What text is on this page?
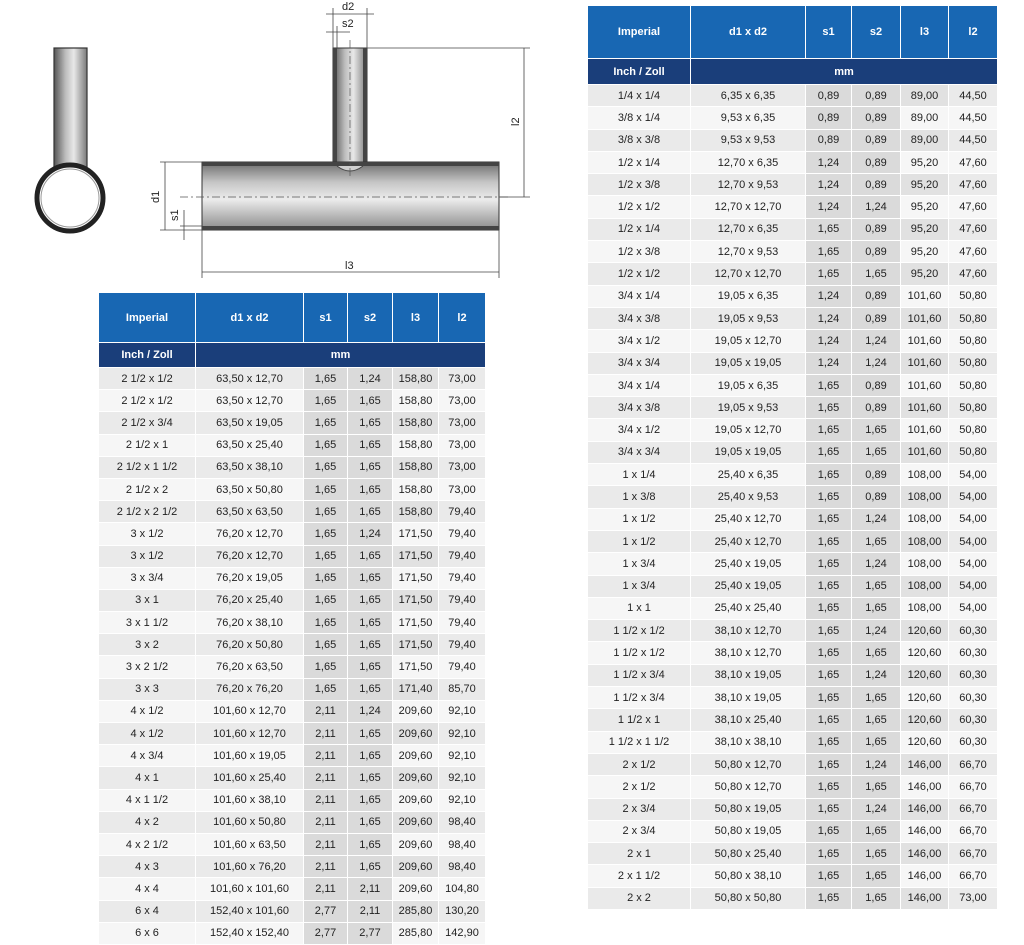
d2
s2
l2
d1
s1
l3
Imperial	d1 x d2	s1	s2	l3	l2
Inch / Zoll	mm				
2 1/2 x 1/2	63,50 x 12,70	1,65	1,24	158,80	73,00
2 1/2 x 1/2	63,50 x 12,70	1,65	1,65	158,80	73,00
2 1/2 x 3/4	63,50 x 19,05	1,65	1,65	158,80	73,00
2 1/2 x 1	63,50 x 25,40	1,65	1,65	158,80	73,00
2 1/2 x 1 1/2	63,50 x 38,10	1,65	1,65	158,80	73,00
2 1/2 x 2	63,50 x 50,80	1,65	1,65	158,80	73,00
2 1/2 x 2 1/2	63,50 x 63,50	1,65	1,65	158,80	79,40
3 x 1/2	76,20 x 12,70	1,65	1,24	171,50	79,40
3 x 1/2	76,20 x 12,70	1,65	1,65	171,50	79,40
3 x 3/4	76,20 x 19,05	1,65	1,65	171,50	79,40
3 x 1	76,20 x 25,40	1,65	1,65	171,50	79,40
3 x 1 1/2	76,20 x 38,10	1,65	1,65	171,50	79,40
3 x 2	76,20 x 50,80	1,65	1,65	171,50	79,40
3 x 2 1/2	76,20 x 63,50	1,65	1,65	171,50	79,40
3 x 3	76,20 x 76,20	1,65	1,65	171,40	85,70
4 x 1/2	101,60 x 12,70	2,11	1,24	209,60	92,10
4 x 1/2	101,60 x 12,70	2,11	1,65	209,60	92,10
4 x 3/4	101,60 x 19,05	2,11	1,65	209,60	92,10
4 x 1	101,60 x 25,40	2,11	1,65	209,60	92,10
4 x 1 1/2	101,60 x 38,10	2,11	1,65	209,60	92,10
4 x 2	101,60 x 50,80	2,11	1,65	209,60	98,40
4 x 2 1/2	101,60 x 63,50	2,11	1,65	209,60	98,40
4 x 3	101,60 x 76,20	2,11	1,65	209,60	98,40
4 x 4	101,60 x 101,60	2,11	2,11	209,60	104,80
6 x 4	152,40 x 101,60	2,77	2,11	285,80	130,20
6 x 6	152,40 x 152,40	2,77	2,77	285,80	142,90
Imperial	d1 x d2	s1	s2	l3	l2
Inch / Zoll	mm				
1/4 x 1/4	6,35 x 6,35	0,89	0,89	89,00	44,50
3/8 x 1/4	9,53 x 6,35	0,89	0,89	89,00	44,50
3/8 x 3/8	9,53 x 9,53	0,89	0,89	89,00	44,50
1/2 x 1/4	12,70 x 6,35	1,24	0,89	95,20	47,60
1/2 x 3/8	12,70 x 9,53	1,24	0,89	95,20	47,60
1/2 x 1/2	12,70 x 12,70	1,24	1,24	95,20	47,60
1/2 x 1/4	12,70 x 6,35	1,65	0,89	95,20	47,60
1/2 x 3/8	12,70 x 9,53	1,65	0,89	95,20	47,60
1/2 x 1/2	12,70 x 12,70	1,65	1,65	95,20	47,60
3/4 x 1/4	19,05 x 6,35	1,24	0,89	101,60	50,80
3/4 x 3/8	19,05 x 9,53	1,24	0,89	101,60	50,80
3/4 x 1/2	19,05 x 12,70	1,24	1,24	101,60	50,80
3/4 x 3/4	19,05 x 19,05	1,24	1,24	101,60	50,80
3/4 x 1/4	19,05 x 6,35	1,65	0,89	101,60	50,80
3/4 x 3/8	19,05 x 9,53	1,65	0,89	101,60	50,80
3/4 x 1/2	19,05 x 12,70	1,65	1,65	101,60	50,80
3/4 x 3/4	19,05 x 19,05	1,65	1,65	101,60	50,80
1 x 1/4	25,40 x 6,35	1,65	0,89	108,00	54,00
1 x 3/8	25,40 x 9,53	1,65	0,89	108,00	54,00
1 x 1/2	25,40 x 12,70	1,65	1,24	108,00	54,00
1 x 1/2	25,40 x 12,70	1,65	1,65	108,00	54,00
1 x 3/4	25,40 x 19,05	1,65	1,24	108,00	54,00
1 x 3/4	25,40 x 19,05	1,65	1,65	108,00	54,00
1 x 1	25,40 x 25,40	1,65	1,65	108,00	54,00
1 1/2 x 1/2	38,10 x 12,70	1,65	1,24	120,60	60,30
1 1/2 x 1/2	38,10 x 12,70	1,65	1,65	120,60	60,30
1 1/2 x 3/4	38,10 x 19,05	1,65	1,24	120,60	60,30
1 1/2 x 3/4	38,10 x 19,05	1,65	1,65	120,60	60,30
1 1/2 x 1	38,10 x 25,40	1,65	1,65	120,60	60,30
1 1/2 x 1 1/2	38,10 x 38,10	1,65	1,65	120,60	60,30
2 x 1/2	50,80 x 12,70	1,65	1,24	146,00	66,70
2 x 1/2	50,80 x 12,70	1,65	1,65	146,00	66,70
2 x 3/4	50,80 x 19,05	1,65	1,24	146,00	66,70
2 x 3/4	50,80 x 19,05	1,65	1,65	146,00	66,70
2 x 1	50,80 x 25,40	1,65	1,65	146,00	66,70
2 x 1 1/2	50,80 x 38,10	1,65	1,65	146,00	66,70
2 x 2	50,80 x 50,80	1,65	1,65	146,00	73,00
